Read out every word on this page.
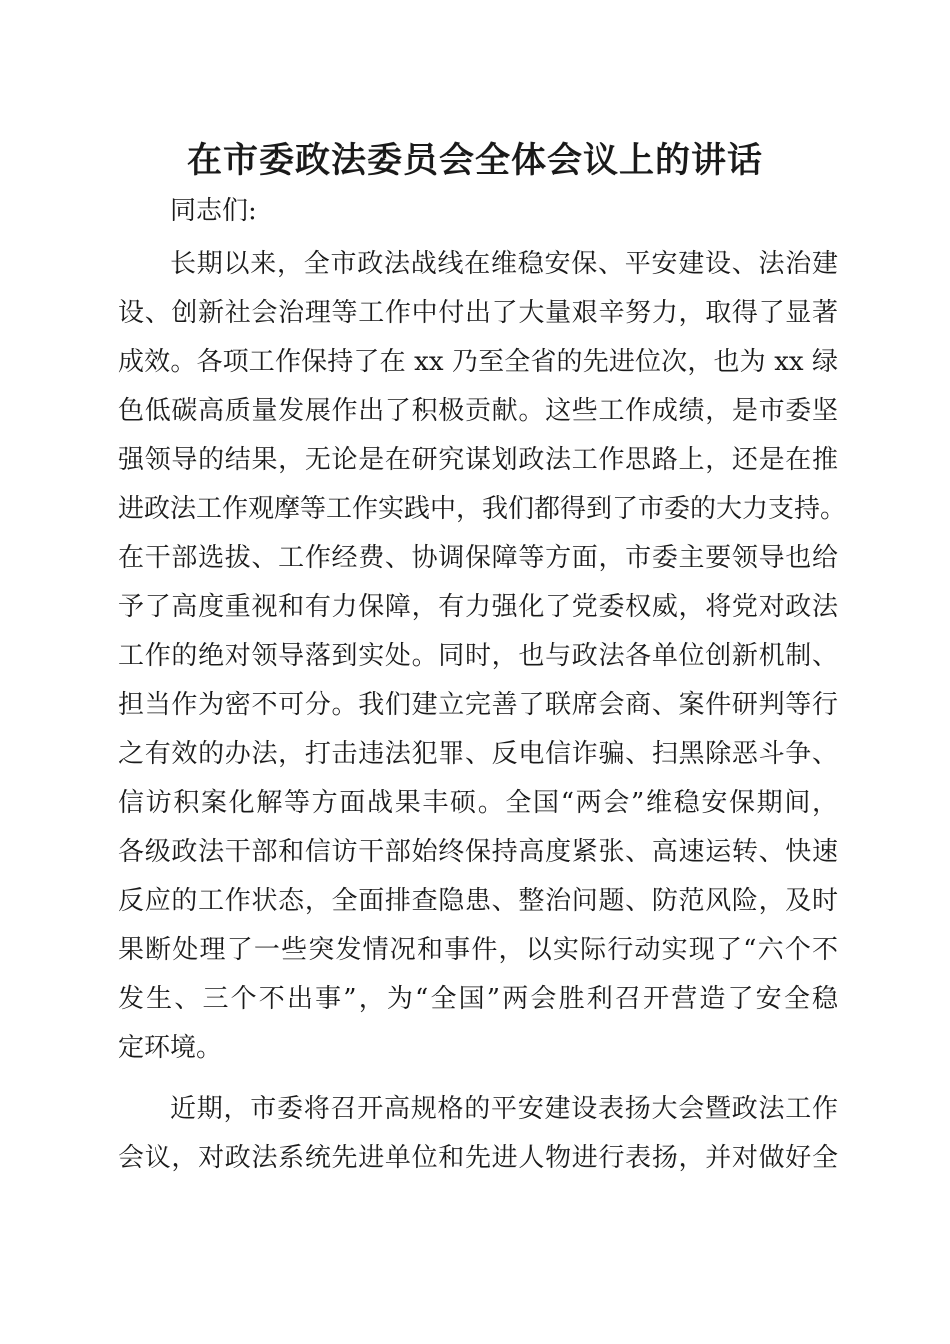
在市委政法委员会全体会议上的讲话

同志们:

长期以来，全市政法战线在维稳安保、平安建设、法治建

设、创新社会治理等工作中付出了大量艰辛努力，取得了显著

成效。各项工作保持了在 xx 乃至全省的先进位次，也为 xx 绿

色低碳高质量发展作出了积极贡献。这些工作成绩，是市委坚

强领导的结果，无论是在研究谋划政法工作思路上，还是在推

进政法工作观摩等工作实践中，我们都得到了市委的大力支持。

在干部选拔、工作经费、协调保障等方面，市委主要领导也给

予了高度重视和有力保障，有力强化了党委权威，将党对政法

工作的绝对领导落到实处。同时，也与政法各单位创新机制、

担当作为密不可分。我们建立完善了联席会商、案件研判等行

之有效的办法，打击违法犯罪、反电信诈骗、扫黑除恶斗争、

信访积案化解等方面战果丰硕。全国“两会”维稳安保期间，

各级政法干部和信访干部始终保持高度紧张、高速运转、快速

反应的工作状态，全面排查隐患、整治问题、防范风险，及时

果断处理了一些突发情况和事件，以实际行动实现了“六个不

发生、三个不出事”，为“全国”两会胜利召开营造了安全稳

定环境。

近期，市委将召开高规格的平安建设表扬大会暨政法工作

会议，对政法系统先进单位和先进人物进行表扬，并对做好全
